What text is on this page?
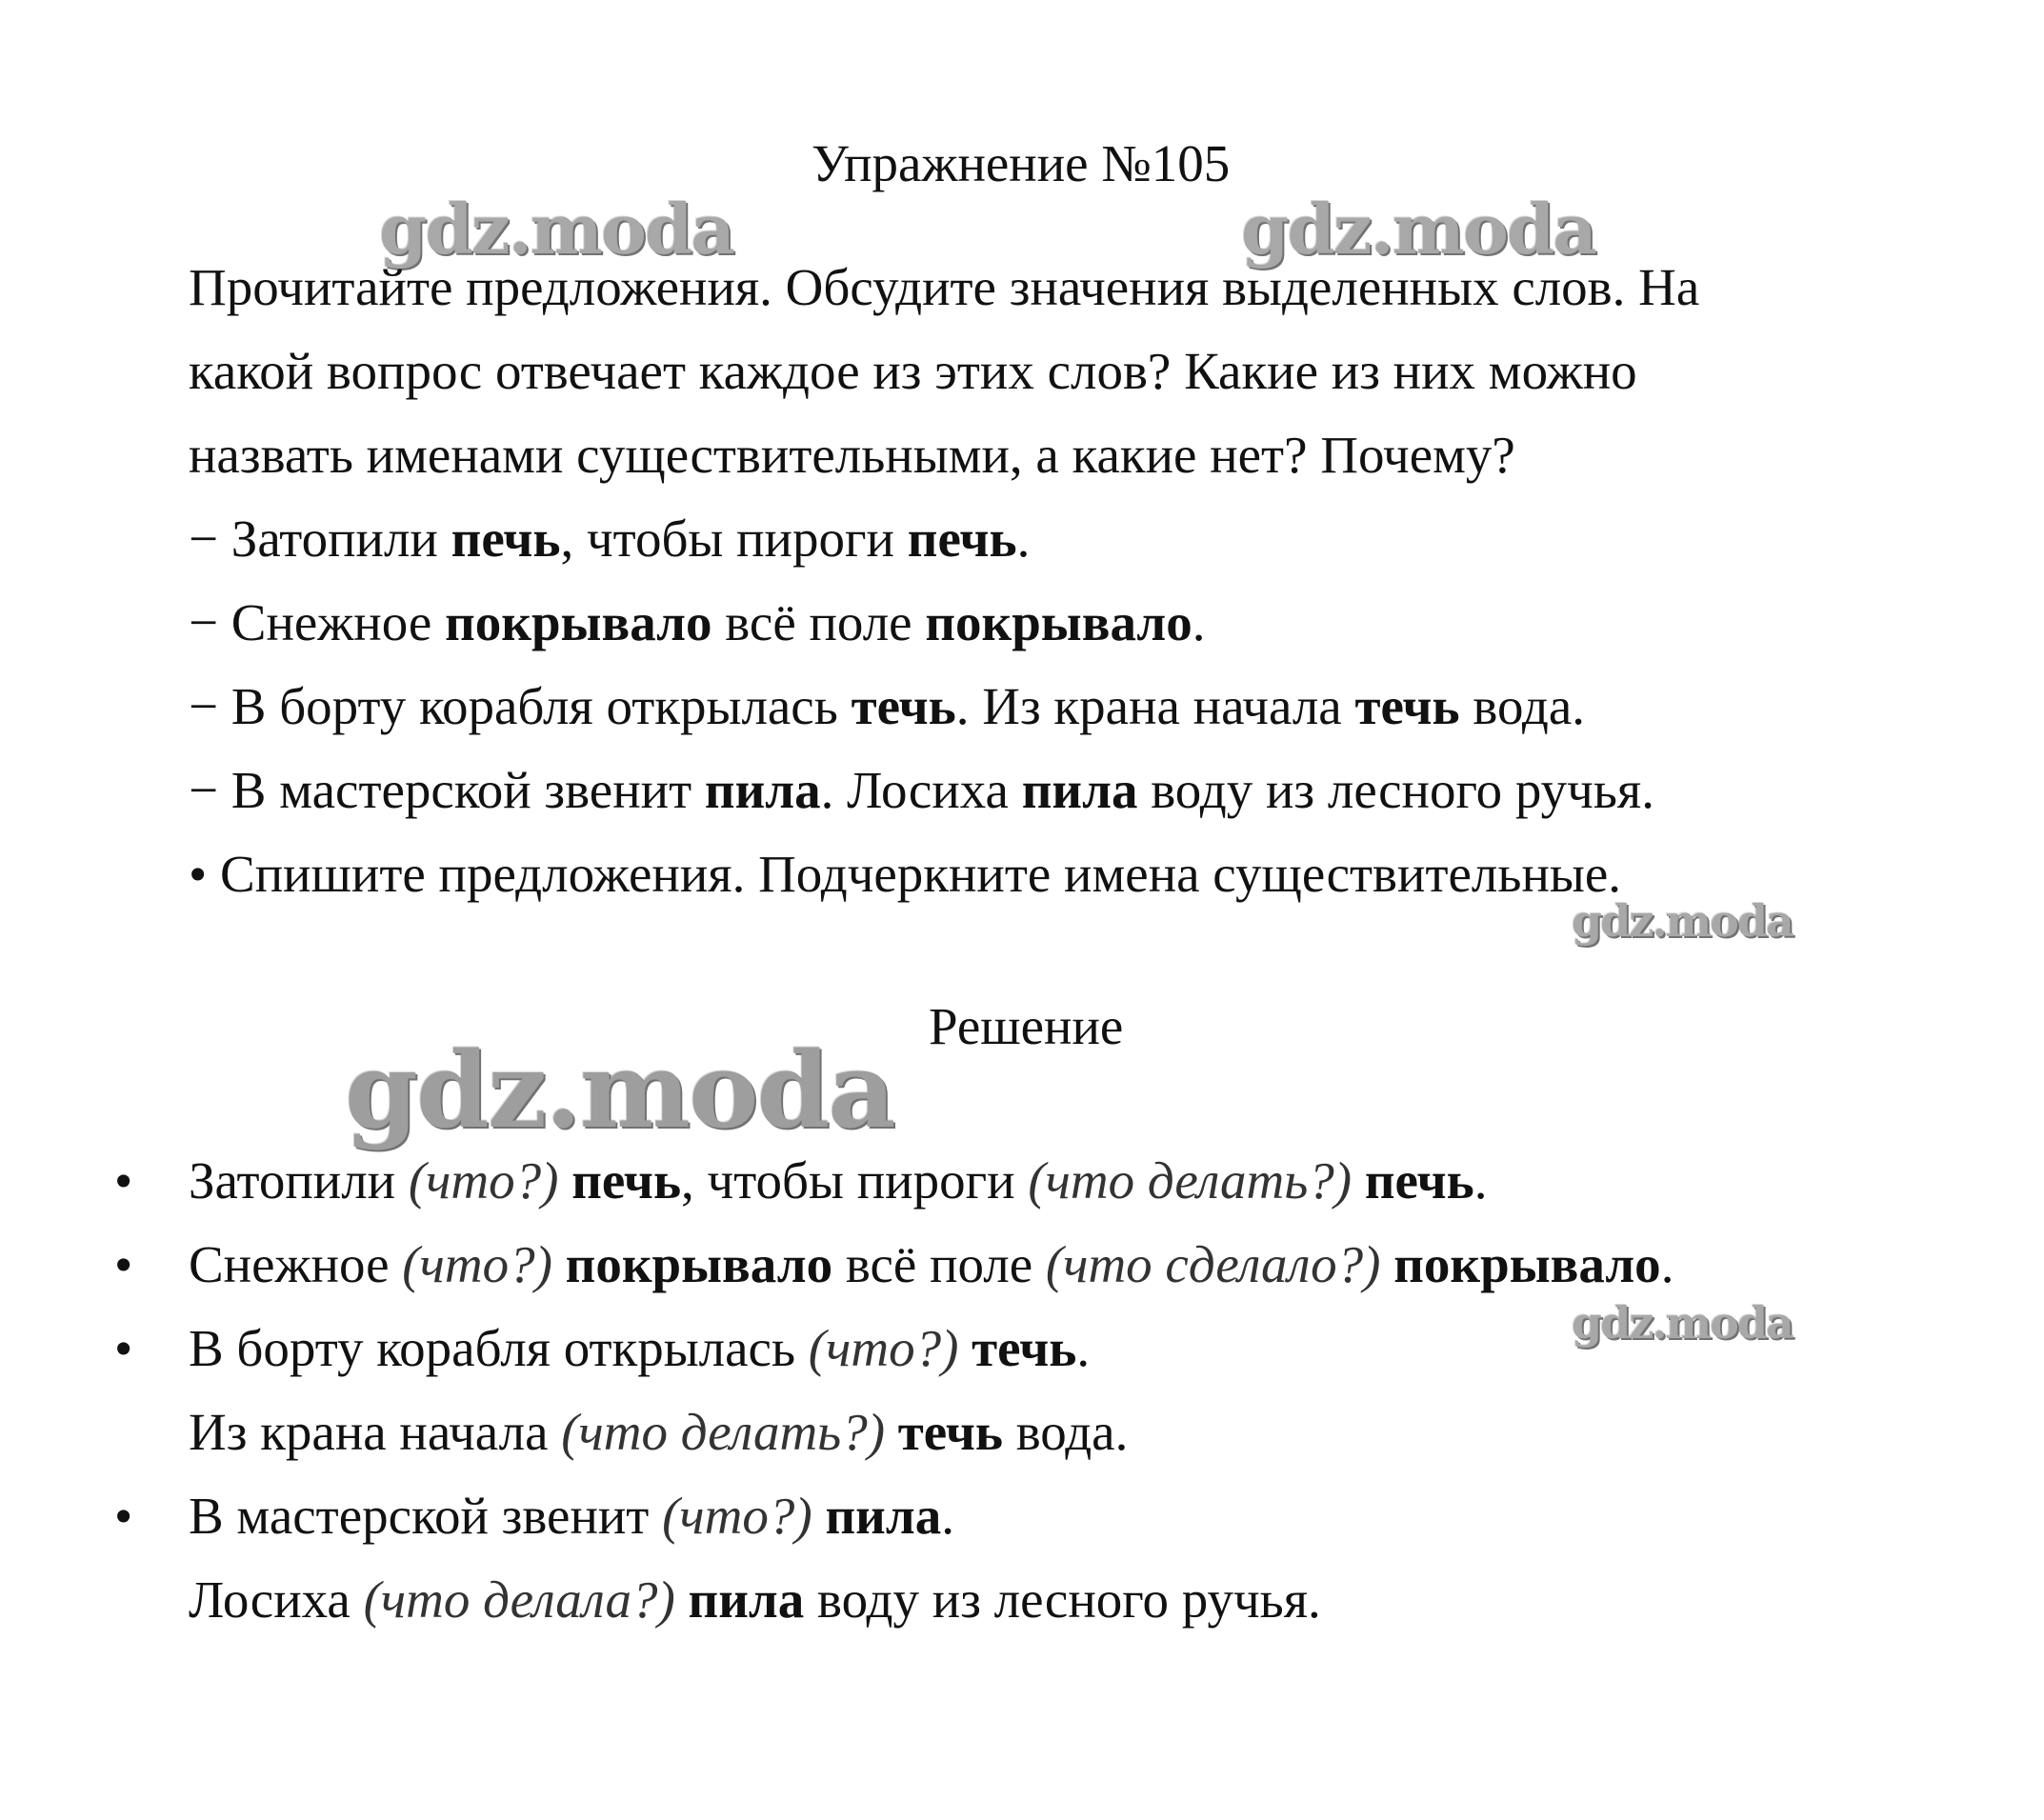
Упражнение №105
gdz.moda	gdz.moda
gdz.moda
gdz.moda
gdz.moda
Прочитайте предложения. Обсудите значения выделенных слов. На
какой вопрос отвечает каждое из этих слов? Какие из них можно
назвать именами существительными, а какие нет? Почему?
− Затопили печь, чтобы пироги печь.
− Снежное покрывало всё поле покрывало.
− В борту корабля открылась течь. Из крана начала течь вода.
− В мастерской звенит пила. Лосиха пила воду из лесного ручья.
• Спишите предложения. Подчеркните имена существительные.
Решение
• Затопили (что?) печь, чтобы пироги (что делать?) печь.
• Снежное (что?) покрывало всё поле (что сделало?) покрывало.
• В борту корабля открылась (что?) течь.
Из крана начала (что делать?) течь вода.
• В мастерской звенит (что?) пила.
Лосиха (что делала?) пила воду из лесного ручья.
